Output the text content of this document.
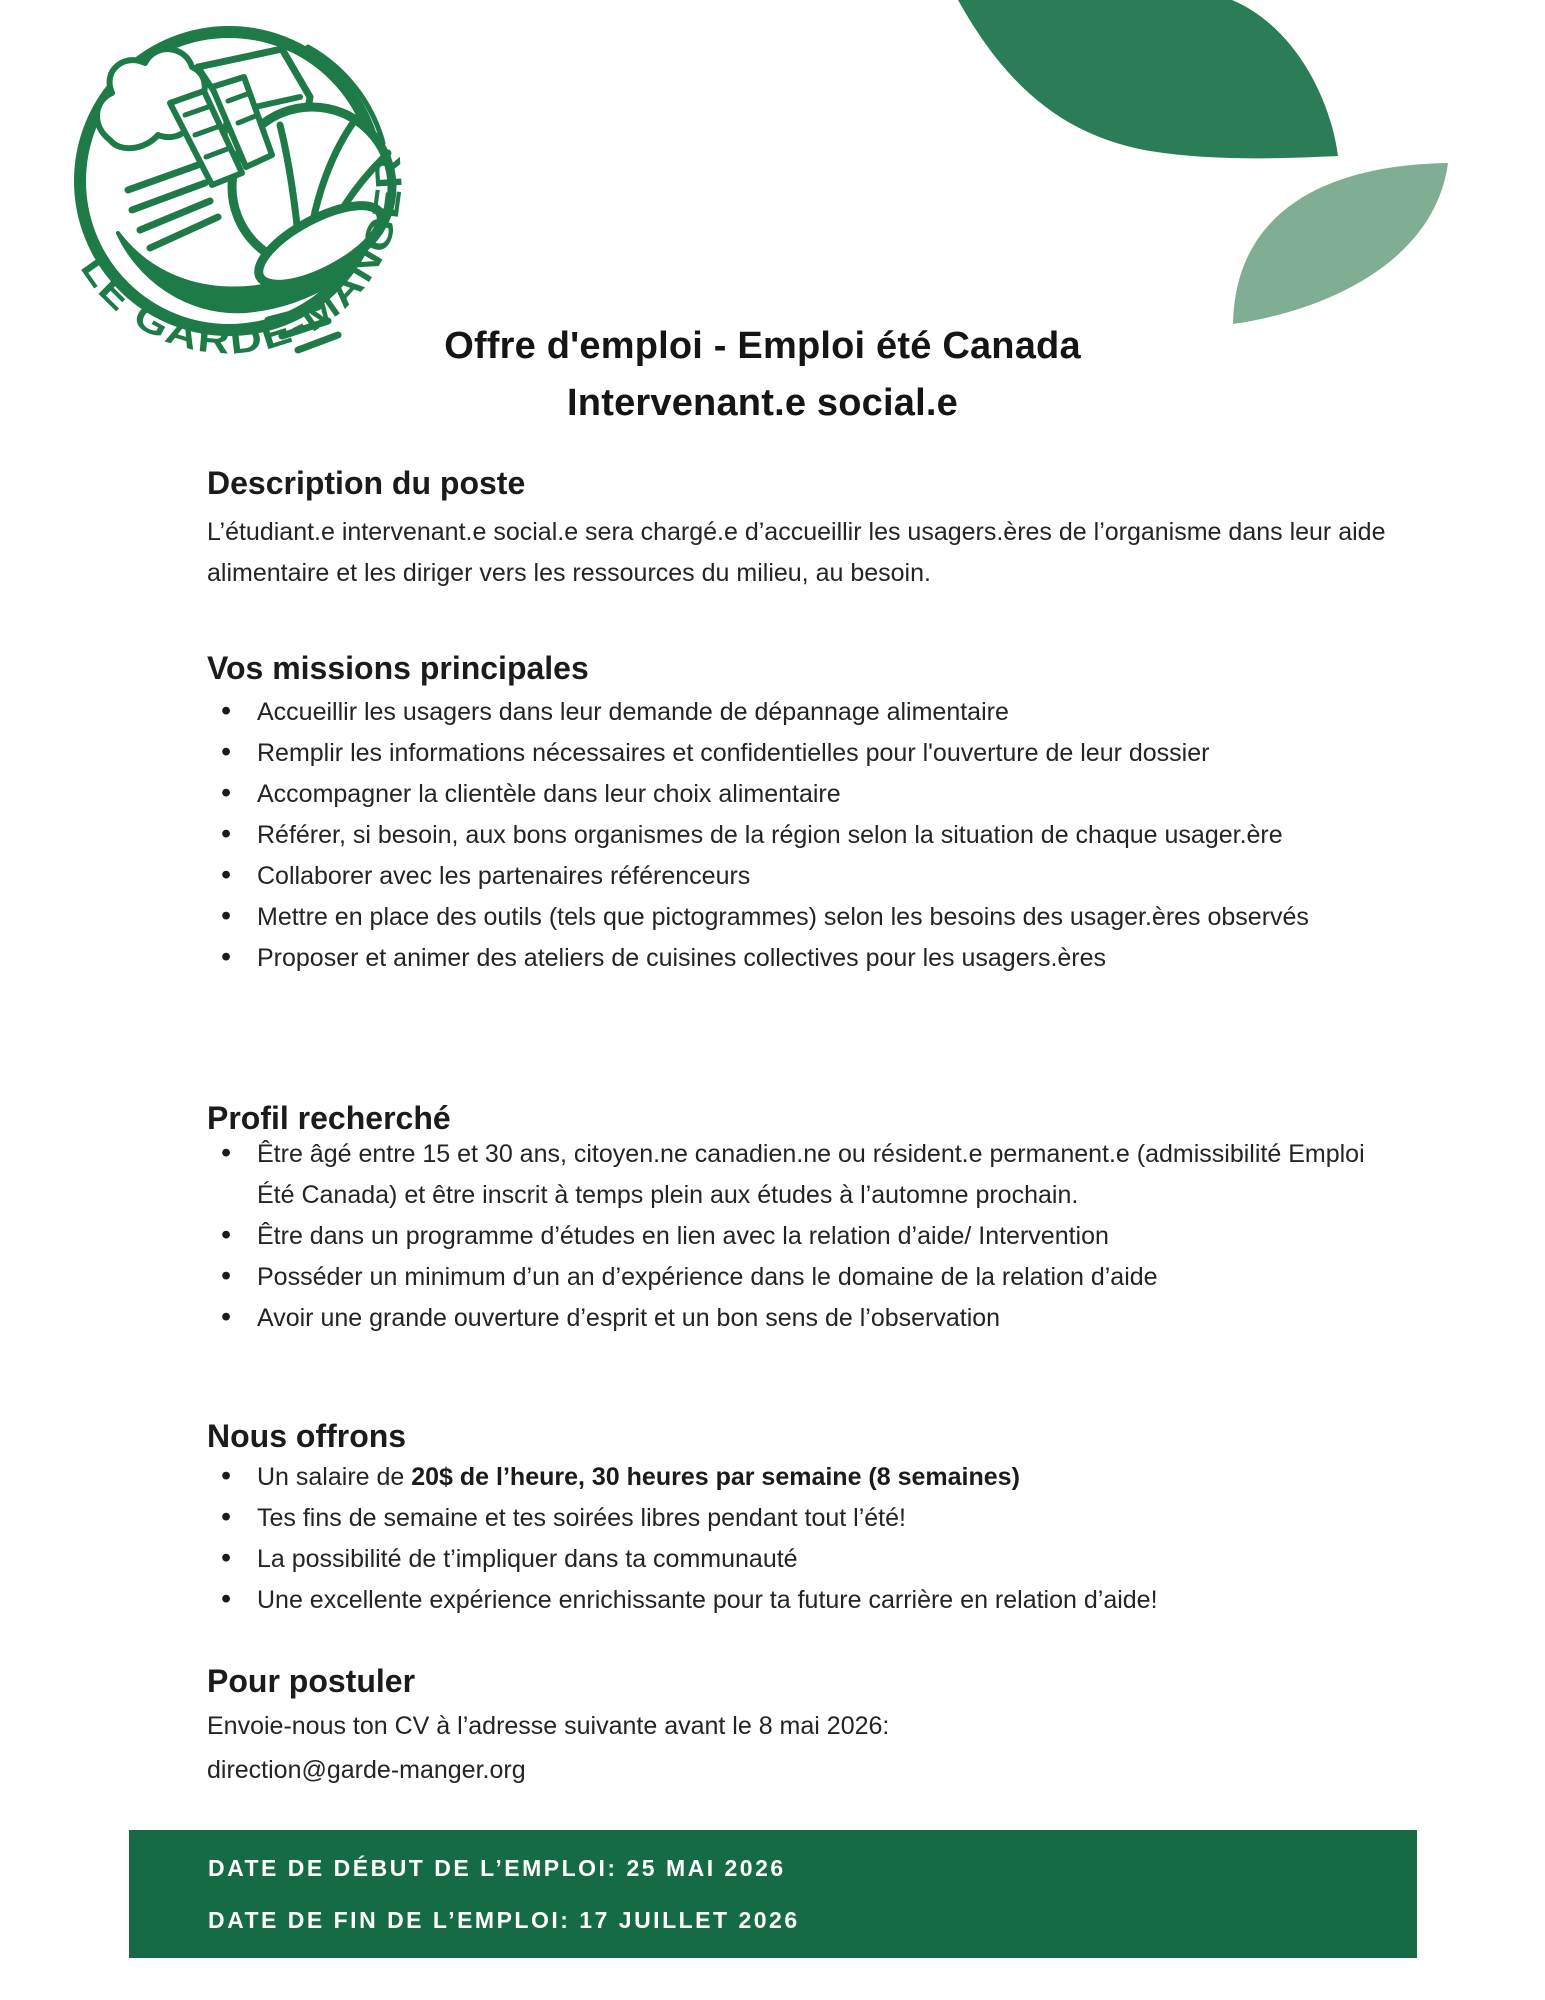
LE GARDE-MANGER
Offre d'emploi - Emploi été Canada
Intervenant.e social.e
Description du poste
L’étudiant.e intervenant.e social.e sera chargé.e d’accueillir les usagers.ères de l’organisme dans leur aide alimentaire et les diriger vers les ressources du milieu, au besoin.
Vos missions principales
• Accueillir les usagers dans leur demande de dépannage alimentaire
• Remplir les informations nécessaires et confidentielles pour l'ouverture de leur dossier
• Accompagner la clientèle dans leur choix alimentaire
• Référer, si besoin, aux bons organismes de la région selon la situation de chaque usager.ère
• Collaborer avec les partenaires référenceurs
• Mettre en place des outils (tels que pictogrammes) selon les besoins des usager.ères observés
• Proposer et animer des ateliers de cuisines collectives pour les usagers.ères
Profil recherché
• Être âgé entre 15 et 30 ans, citoyen.ne canadien.ne ou résident.e permanent.e (admissibilité Emploi Été Canada) et être inscrit à temps plein aux études à l’automne prochain.
• Être dans un programme d’études en lien avec la relation d’aide/ Intervention
• Posséder un minimum d’un an d’expérience dans le domaine de la relation d’aide
• Avoir une grande ouverture d’esprit et un bon sens de l’observation
Nous offrons
• Un salaire de 20$ de l’heure, 30 heures par semaine (8 semaines)
• Tes fins de semaine et tes soirées libres pendant tout l’été!
• La possibilité de t’impliquer dans ta communauté
• Une excellente expérience enrichissante pour ta future carrière en relation d’aide!
Pour postuler
Envoie-nous ton CV à l’adresse suivante avant le 8 mai 2026:
direction@garde-manger.org
DATE DE DÉBUT DE L’EMPLOI: 25 MAI 2026
DATE DE FIN DE L’EMPLOI: 17 JUILLET 2026
